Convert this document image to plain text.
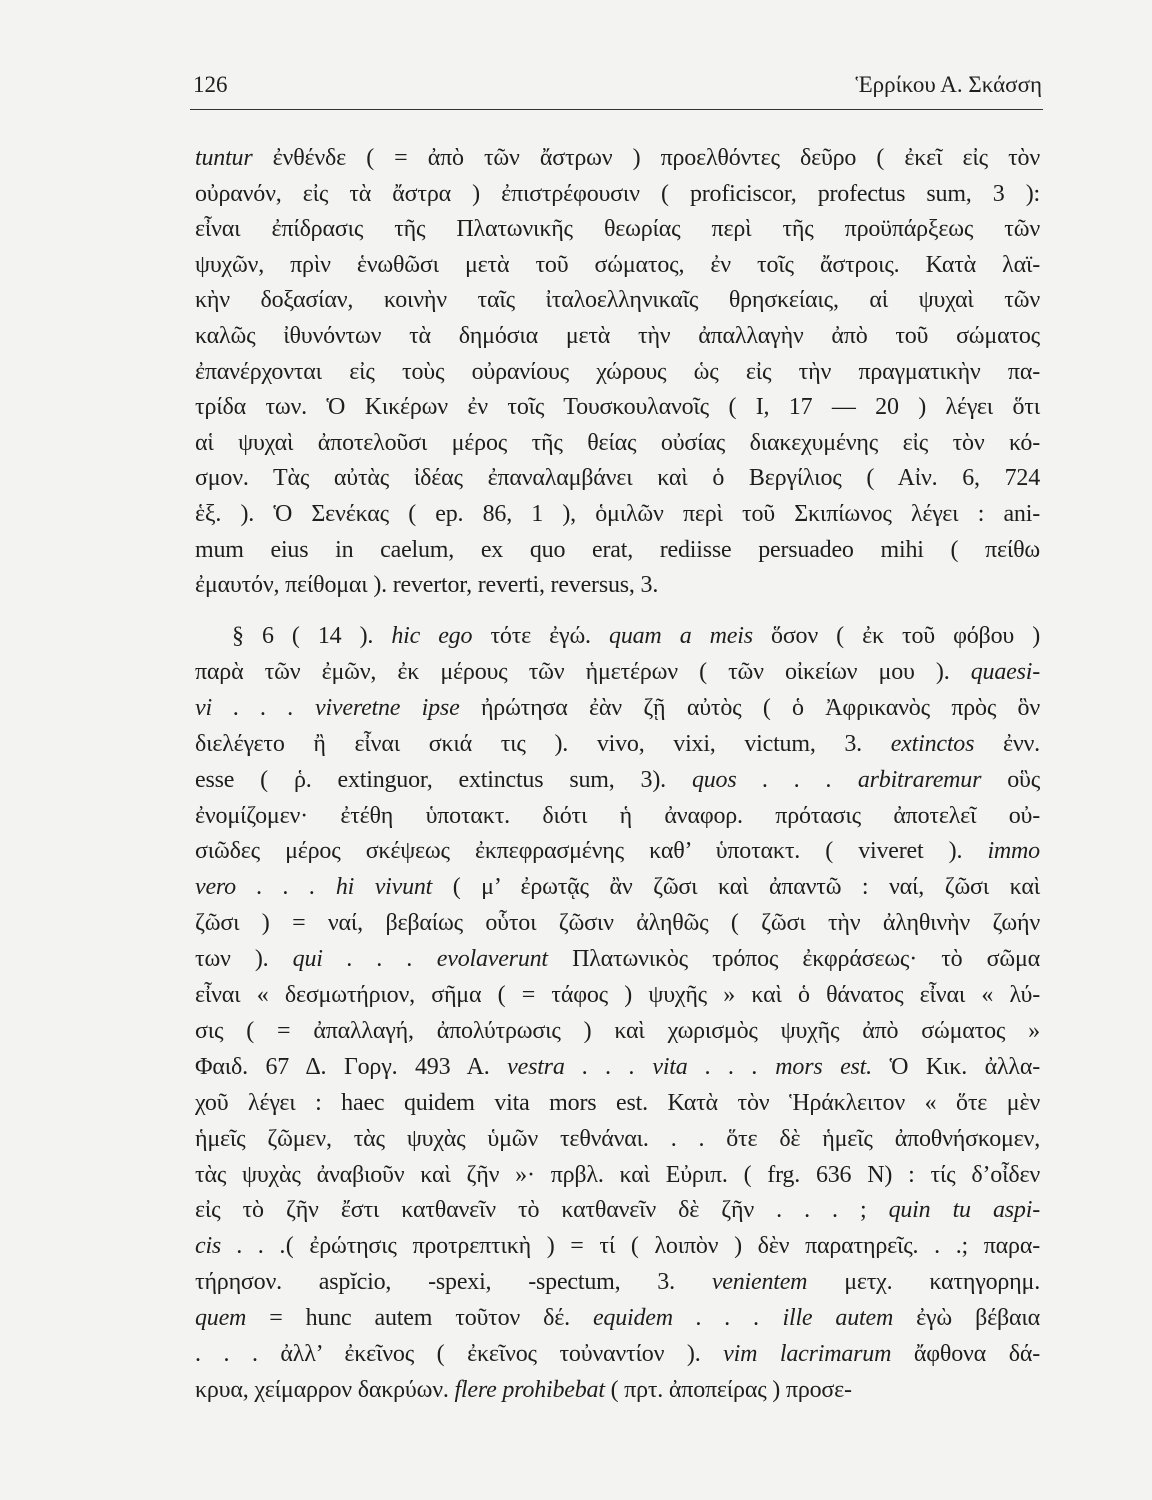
126	Ἑρρίκου Α. Σκάσση
tuntur ἐνθένδε ( = ἀπὸ τῶν ἄστρων ) προελθόντες δεῦρο ( ἐκεῖ εἰς τὸν
οὐρανόν, εἰς τὰ ἄστρα ) ἐπιστρέφουσιν ( proficiscor, profectus sum, 3 ):
εἶναι ἐπίδρασις τῆς Πλατωνικῆς θεωρίας περὶ τῆς προϋπάρξεως τῶν
ψυχῶν, πρὶν ἑνωθῶσι μετὰ τοῦ σώματος, ἐν τοῖς ἄστροις. Κατὰ λαϊ-
κὴν δοξασίαν, κοινὴν ταῖς ἰταλοελληνικαῖς θρησκείαις, αἱ ψυχαὶ τῶν
καλῶς ἰθυνόντων τὰ δημόσια μετὰ τὴν ἀπαλλαγὴν ἀπὸ τοῦ σώματος
ἐπανέρχονται εἰς τοὺς οὐρανίους χώρους ὡς εἰς τὴν πραγματικὴν πα-
τρίδα των. Ὁ Κικέρων ἐν τοῖς Τουσκουλανοῖς ( I, 17 — 20 ) λέγει ὅτι
αἱ ψυχαὶ ἀποτελοῦσι μέρος τῆς θείας οὐσίας διακεχυμένης εἰς τὸν κό-
σμον. Τὰς αὐτὰς ἰδέας ἐπαναλαμβάνει καὶ ὁ Βεργίλιος ( Αἰν. 6, 724
ἑξ. ). Ὁ Σενέκας ( ep. 86, 1 ), ὁμιλῶν περὶ τοῦ Σκιπίωνος λέγει : ani-
mum eius in caelum, ex quo erat, rediisse persuadeo mihi ( πείθω
ἐμαυτόν, πείθομαι ). revertor, reverti, reversus, 3.
§ 6 ( 14 ). hic ego τότε ἐγώ. quam a meis ὅσον ( ἐκ τοῦ φόβου )
παρὰ τῶν ἐμῶν, ἐκ μέρους τῶν ἡμετέρων ( τῶν οἰκείων μου ). quaesi-
vi . . . viveretne ipse ἠρώτησα ἐὰν ζῇ αὐτὸς ( ὁ Ἀφρικανὸς πρὸς ὃν
διελέγετο ἢ εἶναι σκιά τις ). vivo, vixi, victum, 3. extinctos ἐνν.
esse ( ῥ. extinguor, extinctus sum, 3). quos . . . arbitraremur οὓς
ἐνομίζομεν· ἐτέθη ὑποτακτ. διότι ἡ ἀναφορ. πρότασις ἀποτελεῖ οὐ-
σιῶδες μέρος σκέψεως ἐκπεφρασμένης καθ’ ὑποτακτ. ( viveret ). immo
vero . . . hi vivunt ( μ’ ἐρωτᾷς ἂν ζῶσι καὶ ἀπαντῶ : ναί, ζῶσι καὶ
ζῶσι ) = ναί, βεβαίως οὗτοι ζῶσιν ἀληθῶς ( ζῶσι τὴν ἀληθινὴν ζωήν
των ). qui . . . evolaverunt Πλατωνικὸς τρόπος ἐκφράσεως· τὸ σῶμα
εἶναι « δεσμωτήριον, σῆμα ( = τάφος ) ψυχῆς » καὶ ὁ θάνατος εἶναι « λύ-
σις ( = ἀπαλλαγή, ἀπολύτρωσις ) καὶ χωρισμὸς ψυχῆς ἀπὸ σώματος »
Φαιδ. 67 Δ. Γοργ. 493 Α. vestra . . . vita . . . mors est. Ὁ Κικ. ἀλλα-
χοῦ λέγει : haec quidem vita mors est. Κατὰ τὸν Ἡράκλειτον « ὅτε μὲν
ἡμεῖς ζῶμεν, τὰς ψυχὰς ὑμῶν τεθνάναι. . . ὅτε δὲ ἡμεῖς ἀποθνήσκομεν,
τὰς ψυχὰς ἀναβιοῦν καὶ ζῆν »· πρβλ. καὶ Εὐριπ. ( frg. 636 N) : τίς δ’οἶδεν
εἰς τὸ ζῆν ἔστι κατθανεῖν τὸ κατθανεῖν δὲ ζῆν . . . ; quin tu aspi-
cis . . .( ἐρώτησις προτρεπτικὴ ) = τί ( λοιπὸν ) δὲν παρατηρεῖς. . .; παρα-
τήρησον. aspĭcio, -spexi, -spectum, 3. venientem μετχ. κατηγορημ.
quem = hunc autem τοῦτον δέ. equidem . . . ille autem ἐγὼ βέβαια
. . . ἀλλ’ ἐκεῖνος ( ἐκεῖνος τοὐναντίον ). vim lacrimarum ἄφθονα δά-
κρυα, χείμαρρον δακρύων. flere prohibebat ( πρτ. ἀποπείρας ) προσε-
